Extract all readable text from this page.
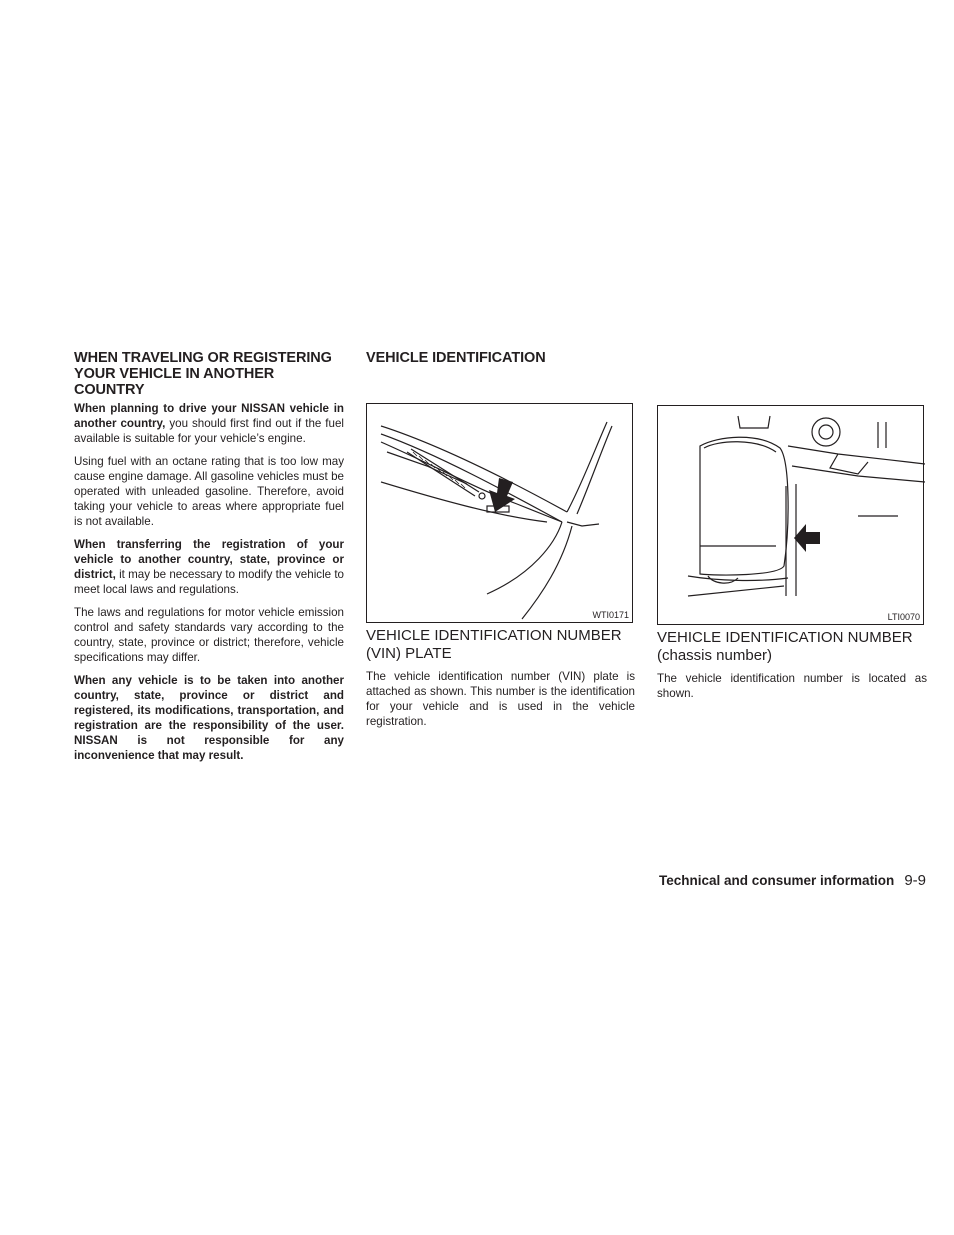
WHEN TRAVELING OR REGISTERING YOUR VEHICLE IN ANOTHER COUNTRY

When planning to drive your NISSAN vehicle in another country, you should first find out if the fuel available is suitable for your vehicle’s engine.

Using fuel with an octane rating that is too low may cause engine damage. All gasoline vehicles must be operated with unleaded gasoline. Therefore, avoid taking your vehicle to areas where appropriate fuel is not available.

When transferring the registration of your vehicle to another country, state, province or district, it may be necessary to modify the vehicle to meet local laws and regulations.

The laws and regulations for motor vehicle emission control and safety standards vary according to the country, state, province or district; therefore, vehicle specifications may differ.

When any vehicle is to be taken into another country, state, province or district and registered, its modifications, transportation, and registration are the responsibility of the user. NISSAN is not responsible for any inconvenience that may result.

VEHICLE IDENTIFICATION
WTI0171
VEHICLE IDENTIFICATION NUMBER
(VIN) PLATE

The vehicle identification number (VIN) plate is attached as shown. This number is the identification for your vehicle and is used in the vehicle registration.

LTI0070
VEHICLE IDENTIFICATION NUMBER
(chassis number)

The vehicle identification number is located as shown.

Technical and consumer information 9-9
